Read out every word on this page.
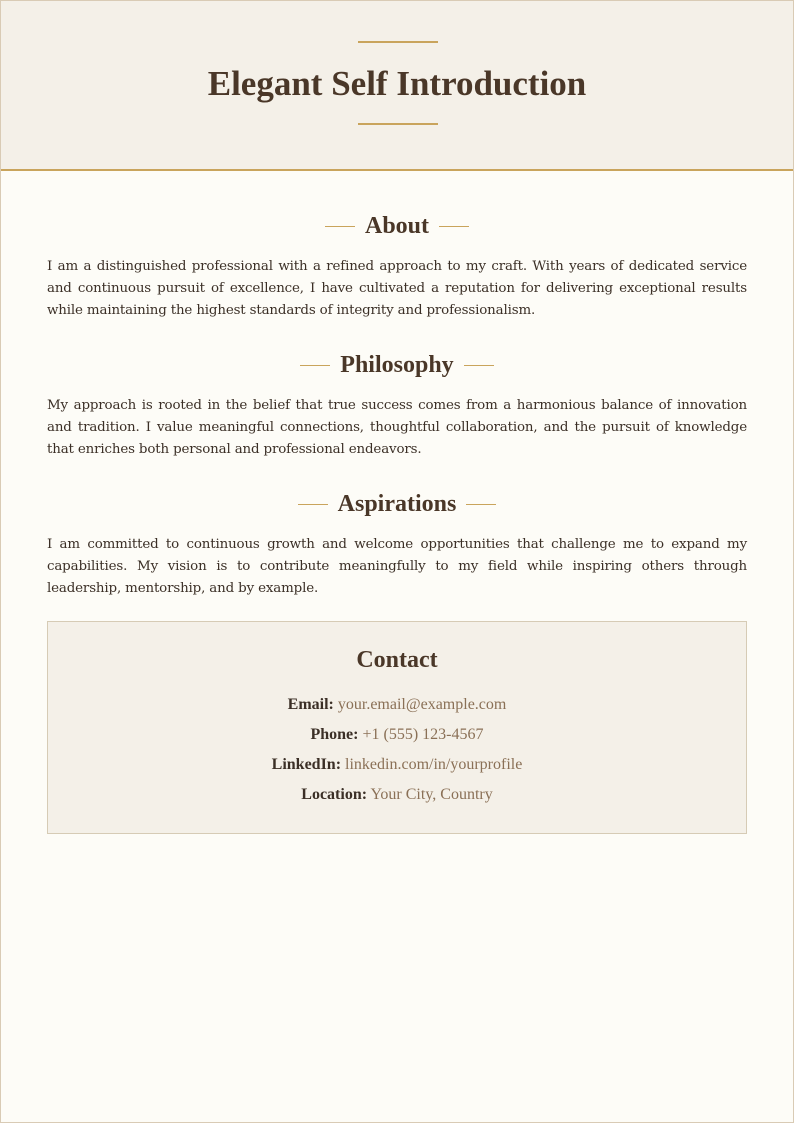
Elegant Self Introduction
About

I am a distinguished professional with a refined approach to my craft. With years of dedicated service and continuous pursuit of excellence, I have cultivated a reputation for delivering exceptional results while maintaining the highest standards of integrity and professionalism.

Philosophy

My approach is rooted in the belief that true success comes from a harmonious balance of innovation and tradition. I value meaningful connections, thoughtful collaboration, and the pursuit of knowledge that enriches both personal and professional endeavors.

Aspirations

I am committed to continuous growth and welcome opportunities that challenge me to expand my capabilities. My vision is to contribute meaningfully to my field while inspiring others through leadership, mentorship, and by example.

Contact
Email: your.email@example.com
Phone: +1 (555) 123-4567
LinkedIn: linkedin.com/in/yourprofile
Location: Your City, Country
